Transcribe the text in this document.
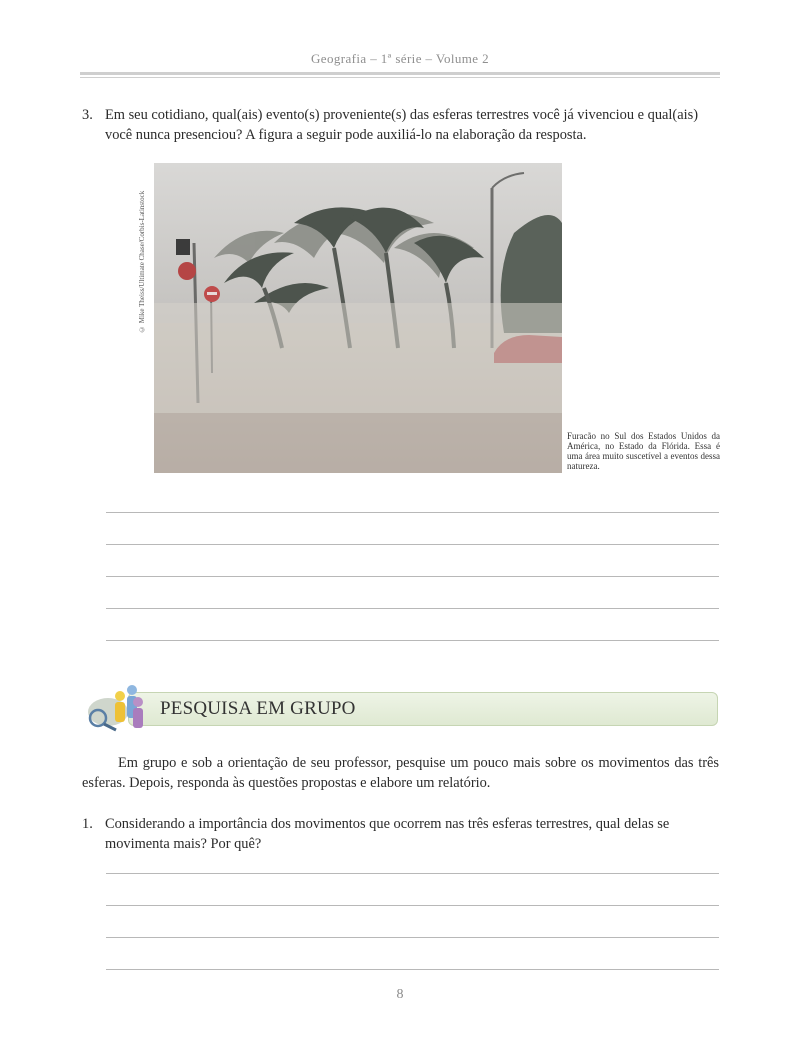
Geografia – 1ª série – Volume 2
3. Em seu cotidiano, qual(ais) evento(s) proveniente(s) das esferas terrestres você já vivenciou e qual(ais) você nunca presenciou? A figura a seguir pode auxiliá-lo na elaboração da resposta.
© Mike Theiss/Ultimate Chase/Corbis-Latinstock
Furacão no Sul dos Estados Unidos da América, no Estado da Flórida. Essa é uma área muito suscetível a eventos dessa natureza.
PESQUISA EM GRUPO
Em grupo e sob a orientação de seu professor, pesquise um pouco mais sobre os movimentos das três esferas. Depois, responda às questões propostas e elabore um relatório.
1. Considerando a importância dos movimentos que ocorrem nas três esferas terrestres, qual delas se movimenta mais? Por quê?
8
